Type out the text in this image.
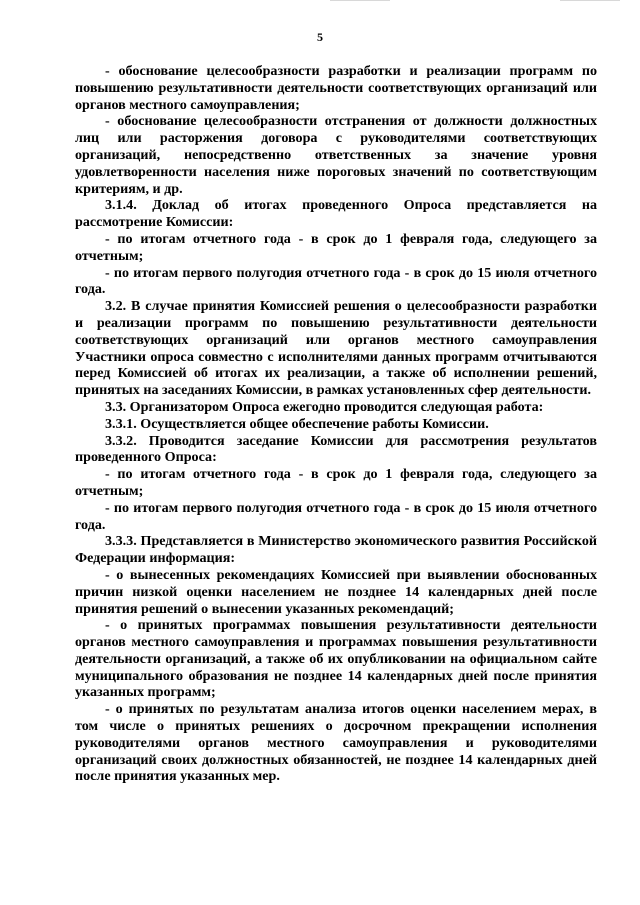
5

- обоснование целесообразности разработки и реализации программ по повышению результативности деятельности соответствующих организаций или органов местного самоуправления;

- обоснование целесообразности отстранения от должности должностных лиц или расторжения договора с руководителями соответствующих организаций, непосредственно ответственных за значение уровня удовлетворенности населения ниже пороговых значений по соответствующим критериям, и др.

3.1.4. Доклад об итогах проведенного Опроса представляется на рассмотрение Комиссии:

- по итогам отчетного года - в срок до 1 февраля года, следующего за отчетным;

- по итогам первого полугодия отчетного года - в срок до 15 июля отчетного года.

3.2. В случае принятия Комиссией решения о целесообразности разработки и реализации программ по повышению результативности деятельности соответствующих организаций или органов местного самоуправления Участники опроса совместно с исполнителями данных программ отчитываются перед Комиссией об итогах их реализации, а также об исполнении решений, принятых на заседаниях Комиссии, в рамках установленных сфер деятельности.

3.3. Организатором Опроса ежегодно проводится следующая работа:

3.3.1. Осуществляется общее обеспечение работы Комиссии.

3.3.2. Проводится заседание Комиссии для рассмотрения результатов проведенного Опроса:

- по итогам отчетного года - в срок до 1 февраля года, следующего за отчетным;

- по итогам первого полугодия отчетного года - в срок до 15 июля отчетного года.

3.3.3. Представляется в Министерство экономического развития Российской Федерации информация:

- о вынесенных рекомендациях Комиссией при выявлении обоснованных причин низкой оценки населением не позднее 14 календарных дней после принятия решений о вынесении указанных рекомендаций;

- о принятых программах повышения результативности деятельности органов местного самоуправления и программах повышения результативности деятельности организаций, а также об их опубликовании на официальном сайте муниципального образования не позднее 14 календарных дней после принятия указанных программ;

- о принятых по результатам анализа итогов оценки населением мерах, в том числе о принятых решениях о досрочном прекращении исполнения руководителями органов местного самоуправления и руководителями организаций своих должностных обязанностей, не позднее 14 календарных дней после принятия указанных мер.
